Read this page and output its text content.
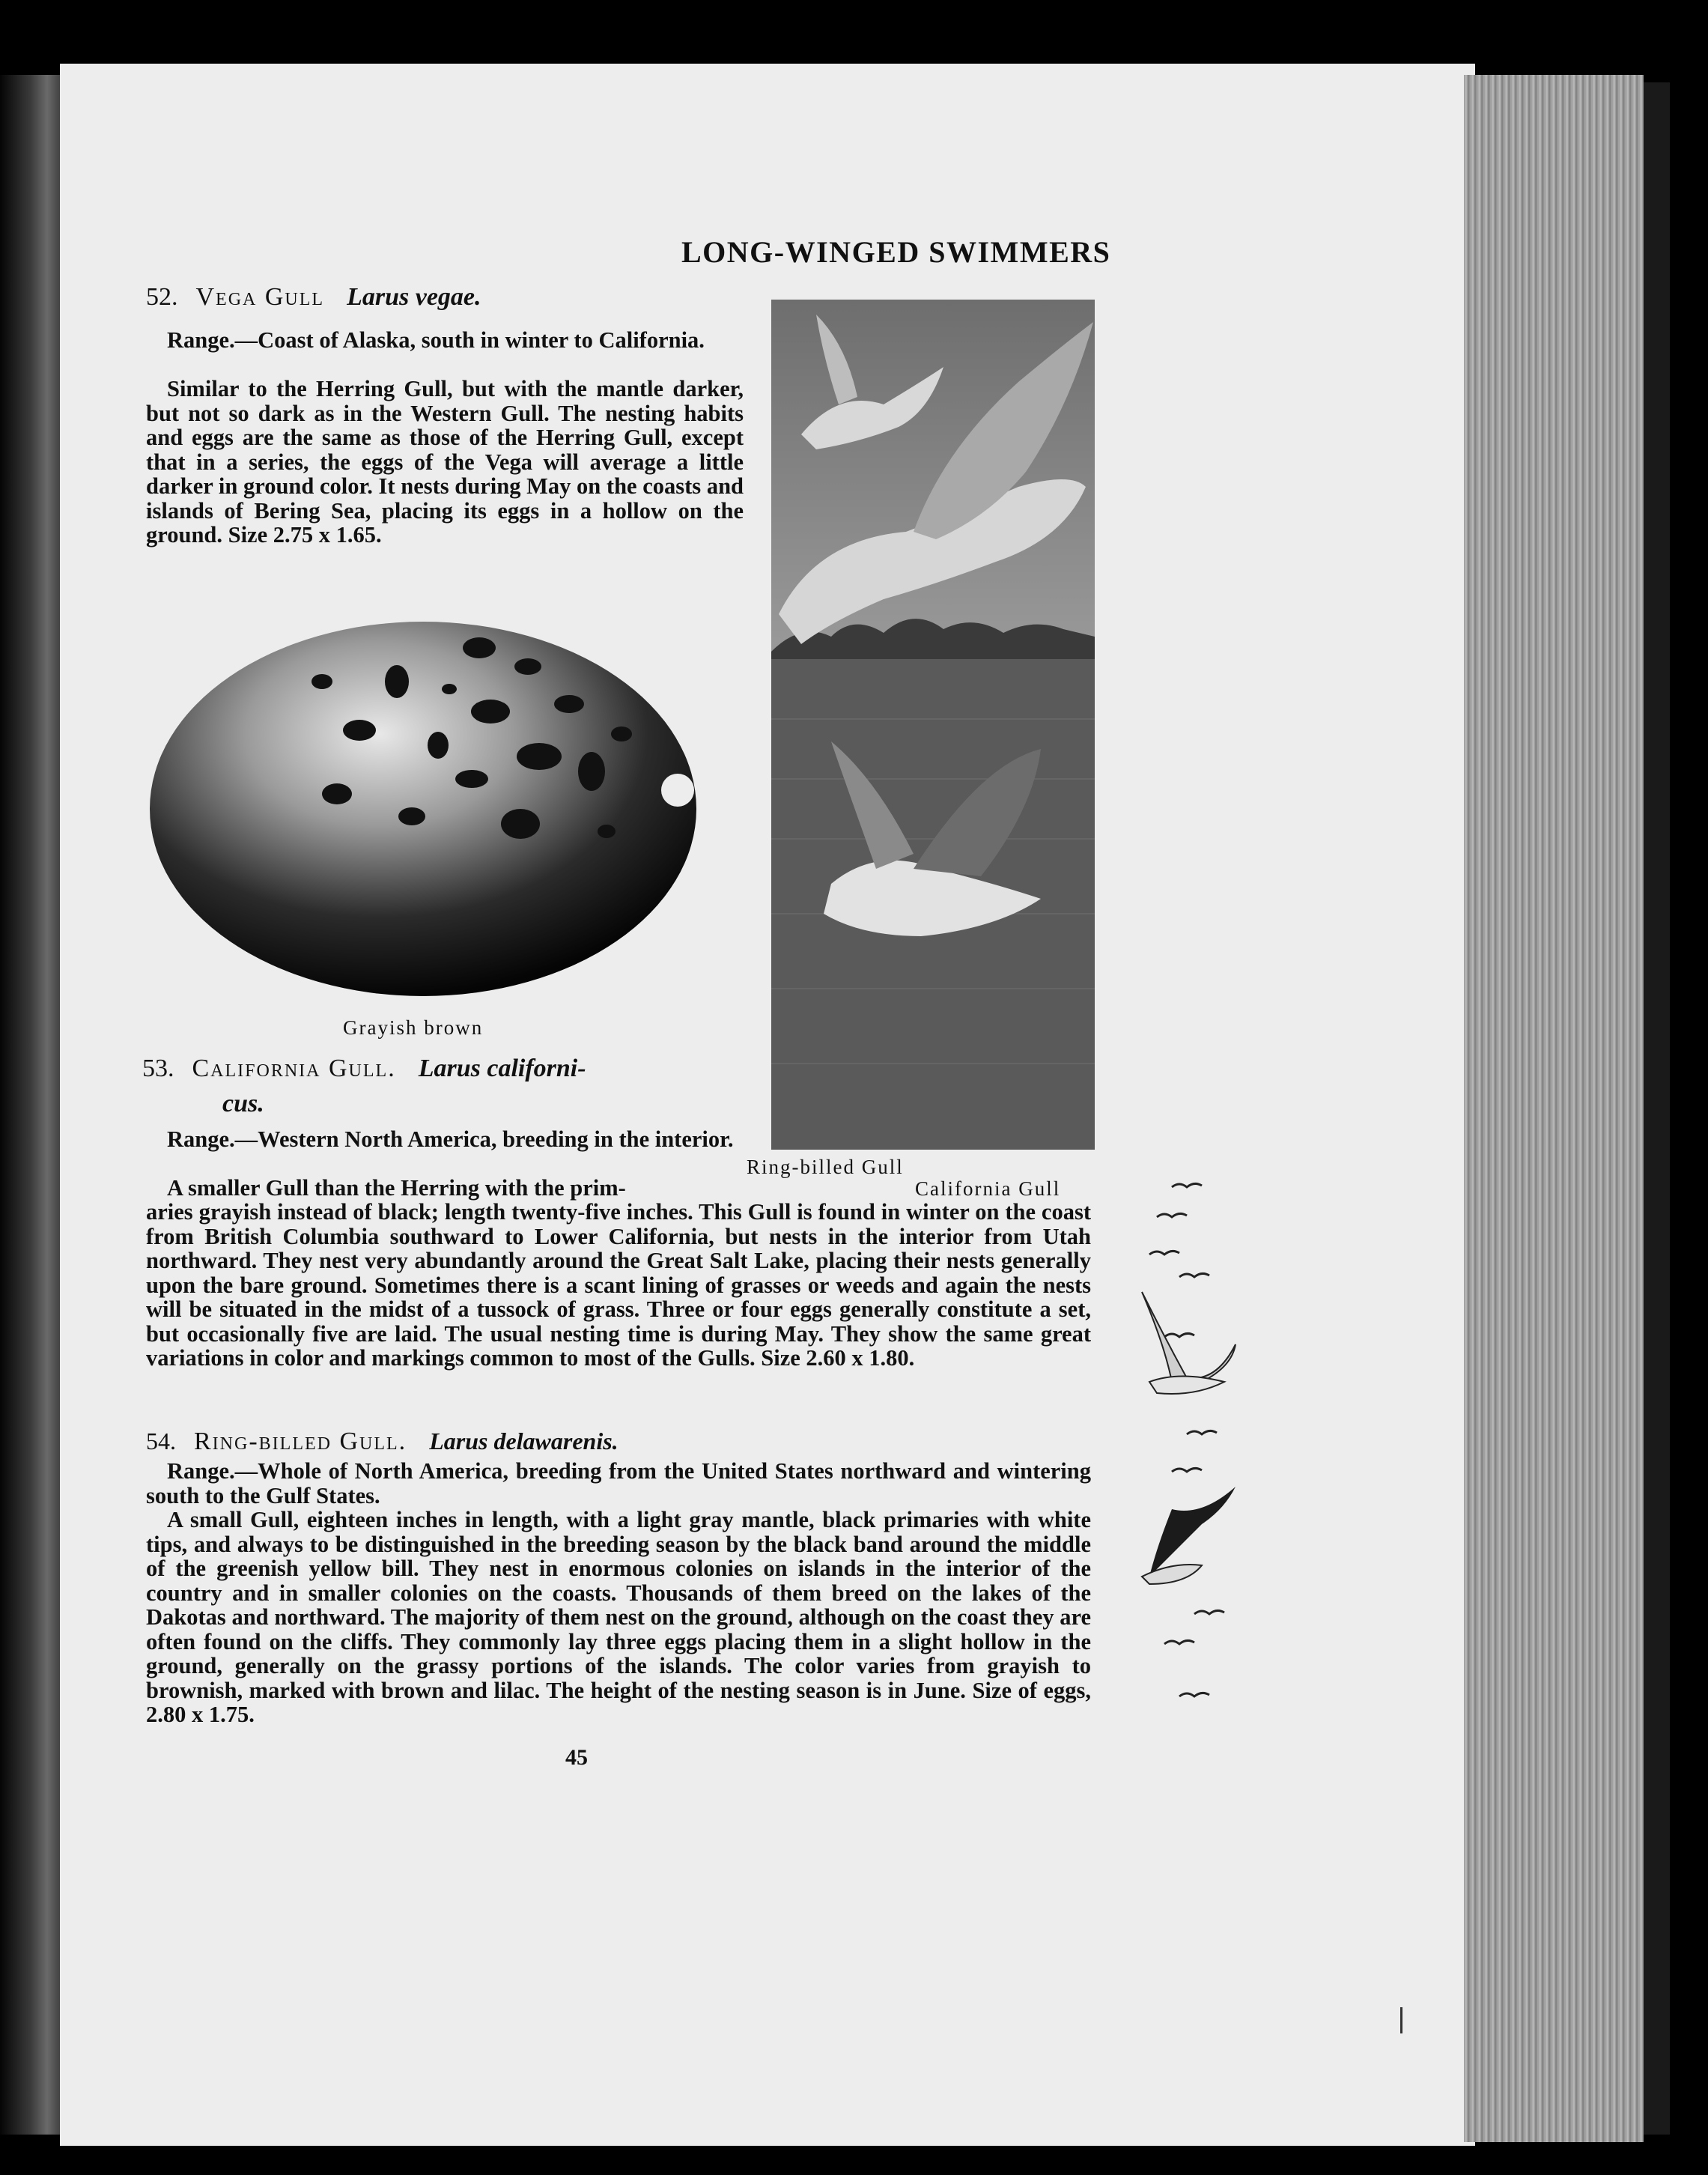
LONG-WINGED SWIMMERS
52. Vega Gull Larus vegae.

Range.—Coast of Alaska, south in winter to California.

Similar to the Herring Gull, but with the mantle darker, but not so dark as in the Western Gull. The nesting habits and eggs are the same as those of the Herring Gull, except that in a series, the eggs of the Vega will average a little darker in ground color. It nests during May on the coasts and islands of Bering Sea, placing its eggs in a hollow on the ground. Size 2.75 x 1.65.

Grayish brown
Ring-billed Gull
California Gull
53. California Gull. Larus californi-
cus.

Range.—Western North America, breeding in the interior.

A smaller Gull than the Herring with the prim-

aries grayish instead of black; length twenty-five inches. This Gull is found in winter on the coast from British Columbia southward to Lower California, but nests in the interior from Utah northward. They nest very abundantly around the Great Salt Lake, placing their nests generally upon the bare ground. Sometimes there is a scant lining of grasses or weeds and again the nests will be situated in the midst of a tussock of grass. Three or four eggs generally constitute a set, but occasionally five are laid. The usual nesting time is during May. They show the same great variations in color and markings common to most of the Gulls. Size 2.60 x 1.80.

54. Ring-billed Gull. Larus delawarenis.

Range.—Whole of North America, breeding from the United States northward and wintering south to the Gulf States.

A small Gull, eighteen inches in length, with a light gray mantle, black primaries with white tips, and always to be distinguished in the breeding season by the black band around the middle of the greenish yellow bill. They nest in enormous colonies on islands in the interior of the country and in smaller colonies on the coasts. Thousands of them breed on the lakes of the Dakotas and northward. The majority of them nest on the ground, although on the coast they are often found on the cliffs. They commonly lay three eggs placing them in a slight hollow in the ground, generally on the grassy portions of the islands. The color varies from grayish to brownish, marked with brown and lilac. The height of the nesting season is in June. Size of eggs, 2.80 x 1.75.

45
